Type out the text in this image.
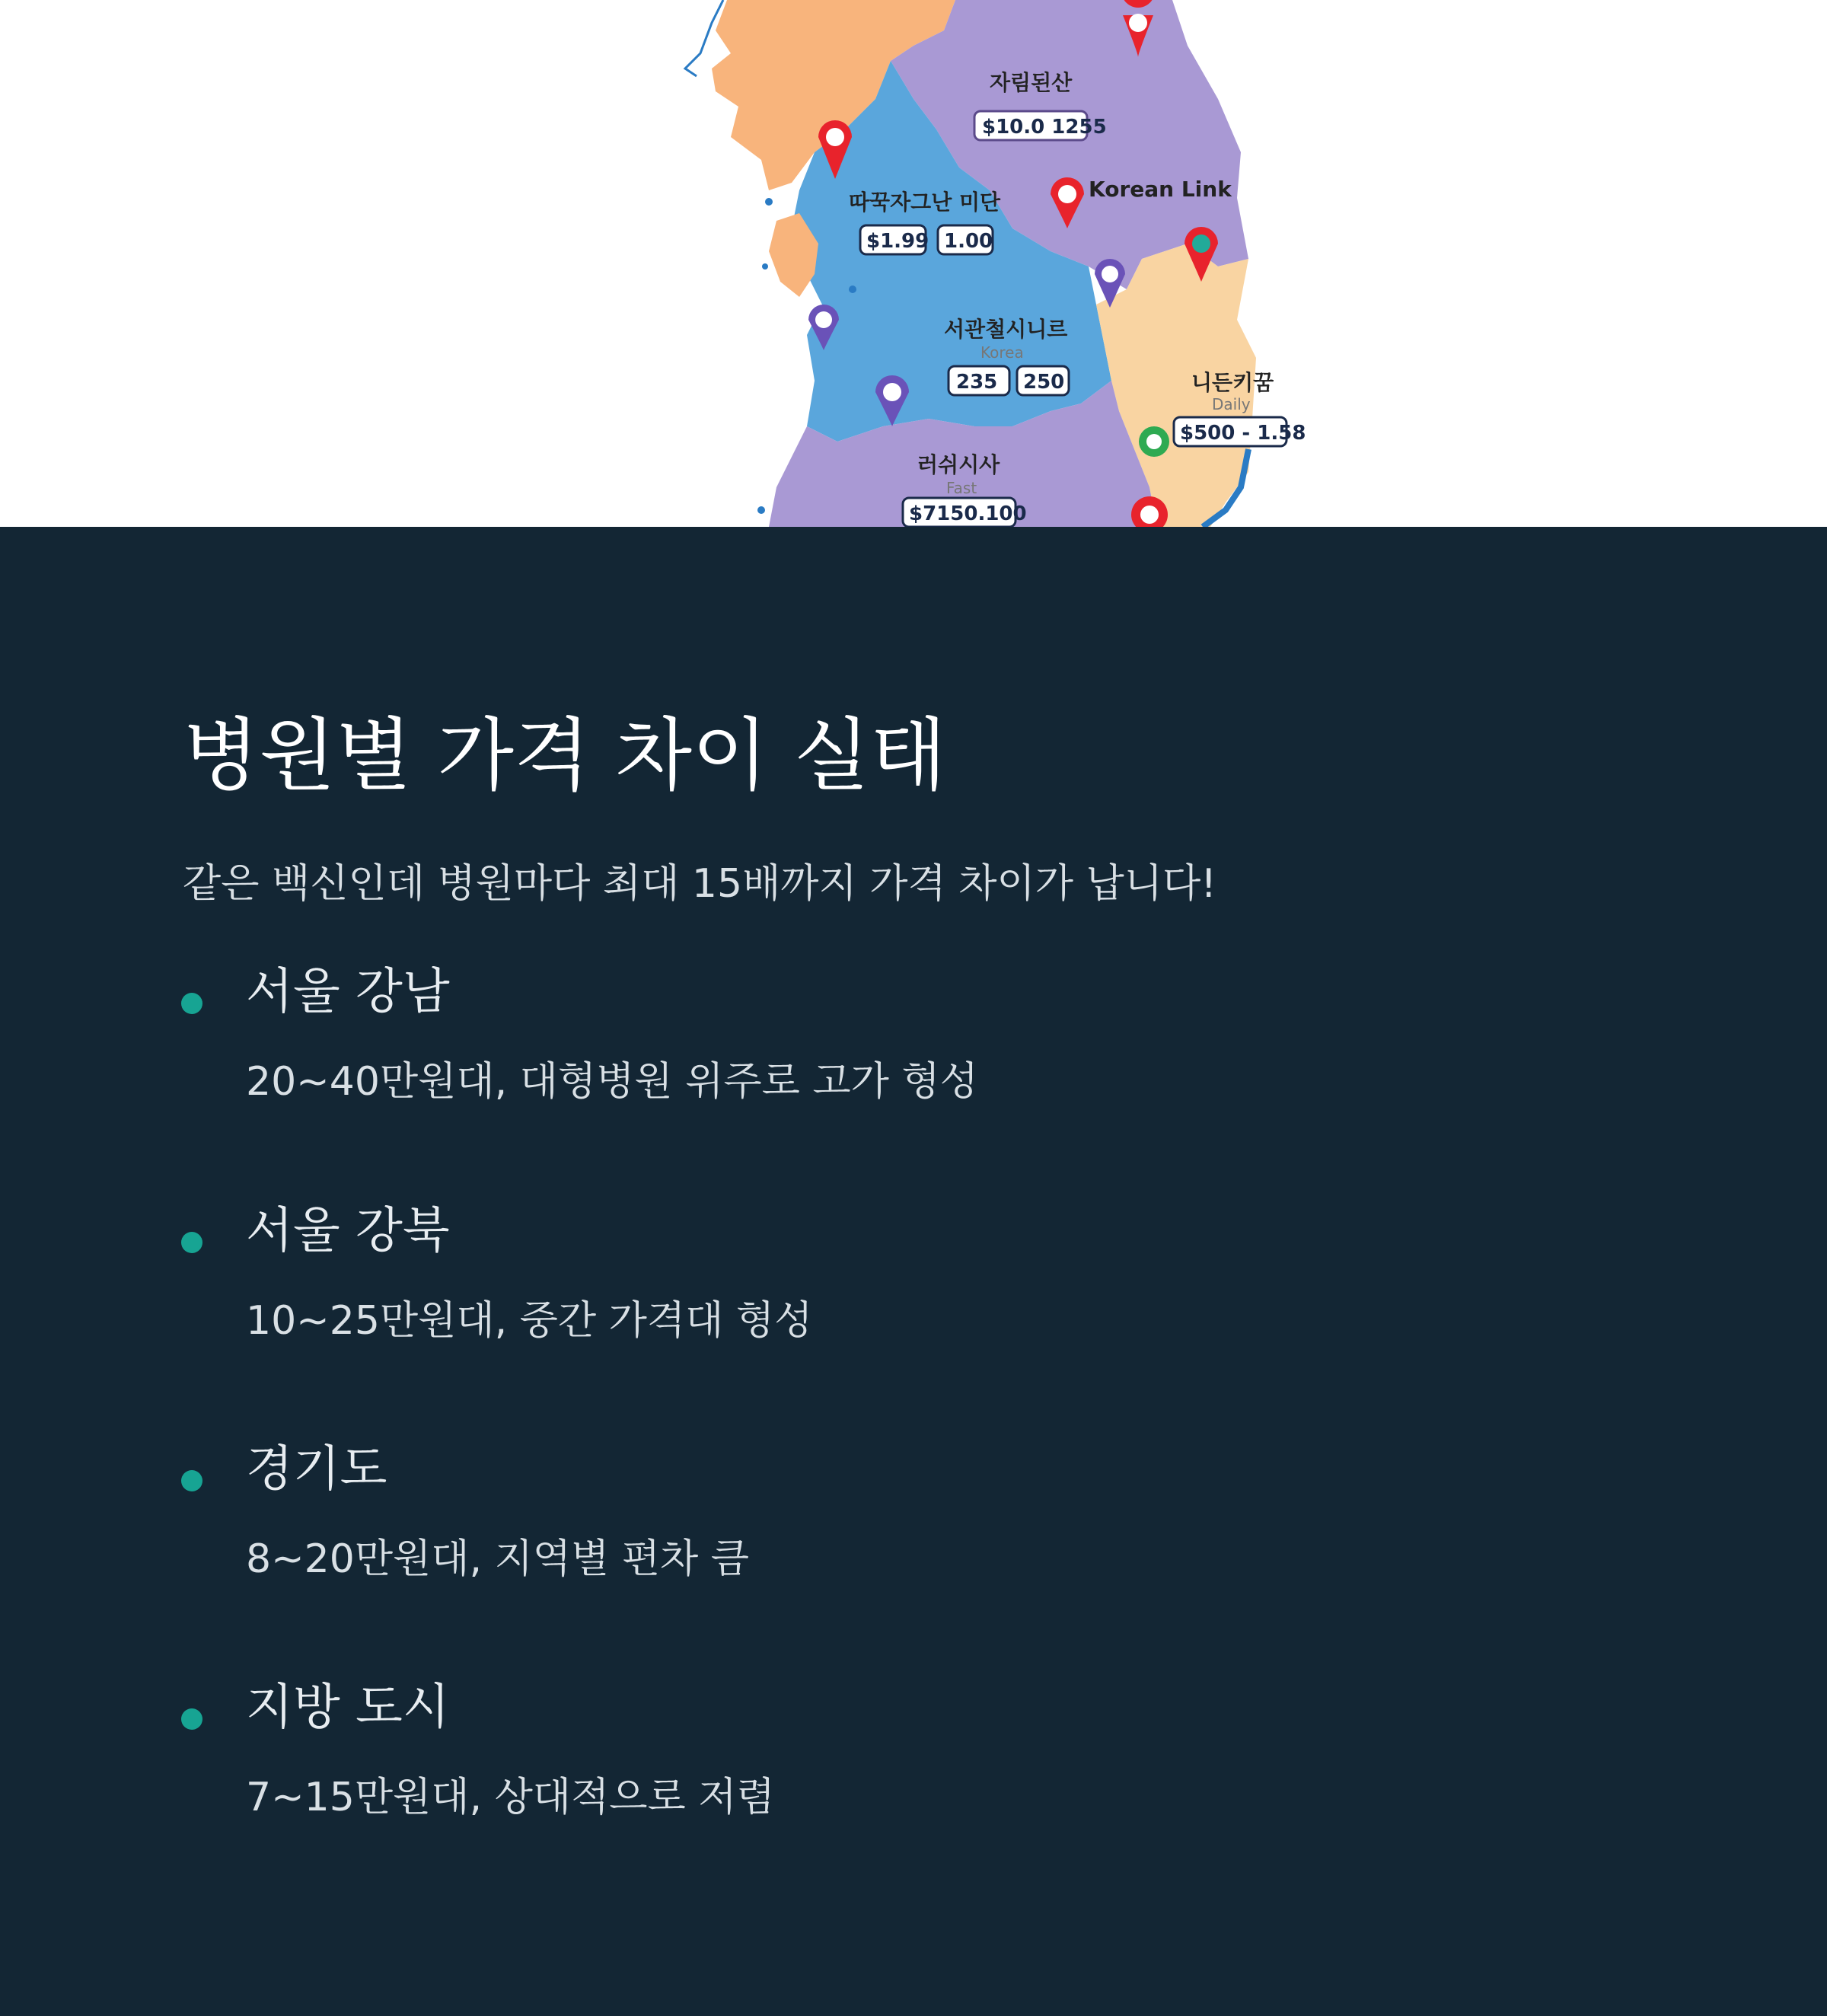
자림된산
$10.0 1255
Korean Link
따꾹자그난 미단
$1.99 1.00
서관철시니르
Korea
235 250	니든키꿈
Daily
$500 - 1.58
러쉬시사
Fast
$7150.100
병원별 가격 차이 실태

같은 백신인데 병원마다 최대 15배까지 가격 차이가 납니다!

서울 강남
20~40만원대, 대형병원 위주로 고가 형성
서울 강북
10~25만원대, 중간 가격대 형성
경기도
8~20만원대, 지역별 편차 큼
지방 도시
7~15만원대, 상대적으로 저렴
